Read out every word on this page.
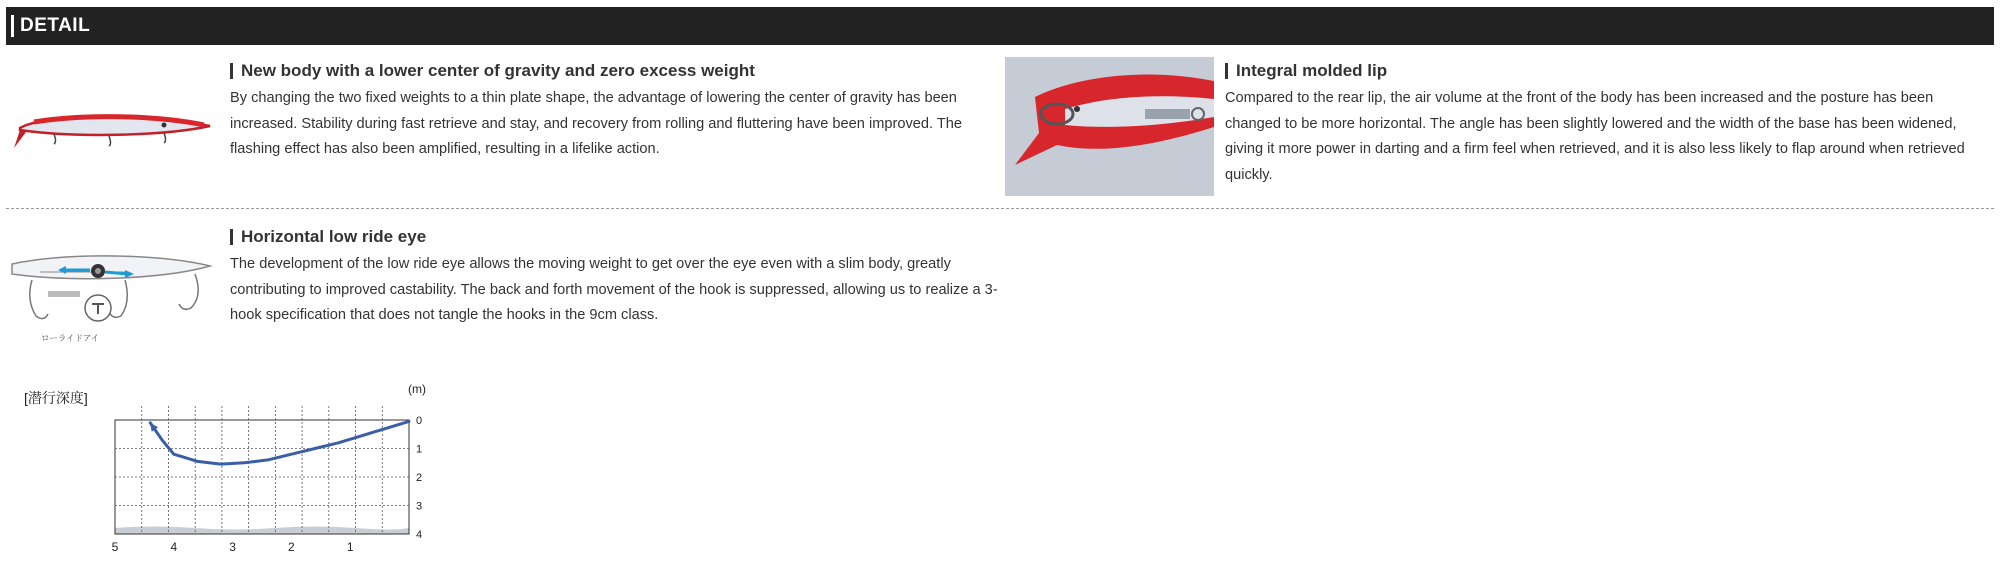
DETAIL
New body with a lower center of gravity and zero excess weight
By changing the two fixed weights to a thin plate shape, the advantage of lowering the center of gravity has been increased. Stability during fast retrieve and stay, and recovery from rolling and fluttering have been improved. The flashing effect has also been amplified, resulting in a lifelike action.
Integral molded lip
Compared to the rear lip, the air volume at the front of the body has been increased and the posture has been changed to be more horizontal. The angle has been slightly lowered and the width of the base has been widened, giving it more power in darting and a firm feel when retrieved, and it is also less likely to flap around when retrieved quickly.
ローライドアイ
Horizontal low ride eye
The development of the low ride eye allows the moving weight to get over the eye even with a slim body, greatly contributing to improved castability. The back and forth movement of the hook is suppressed, allowing us to realize a 3-hook specification that does not tangle the hooks in the 9cm class.
[潜行深度]
(m)
0
1
2
3
4
5	4	3	2	1
